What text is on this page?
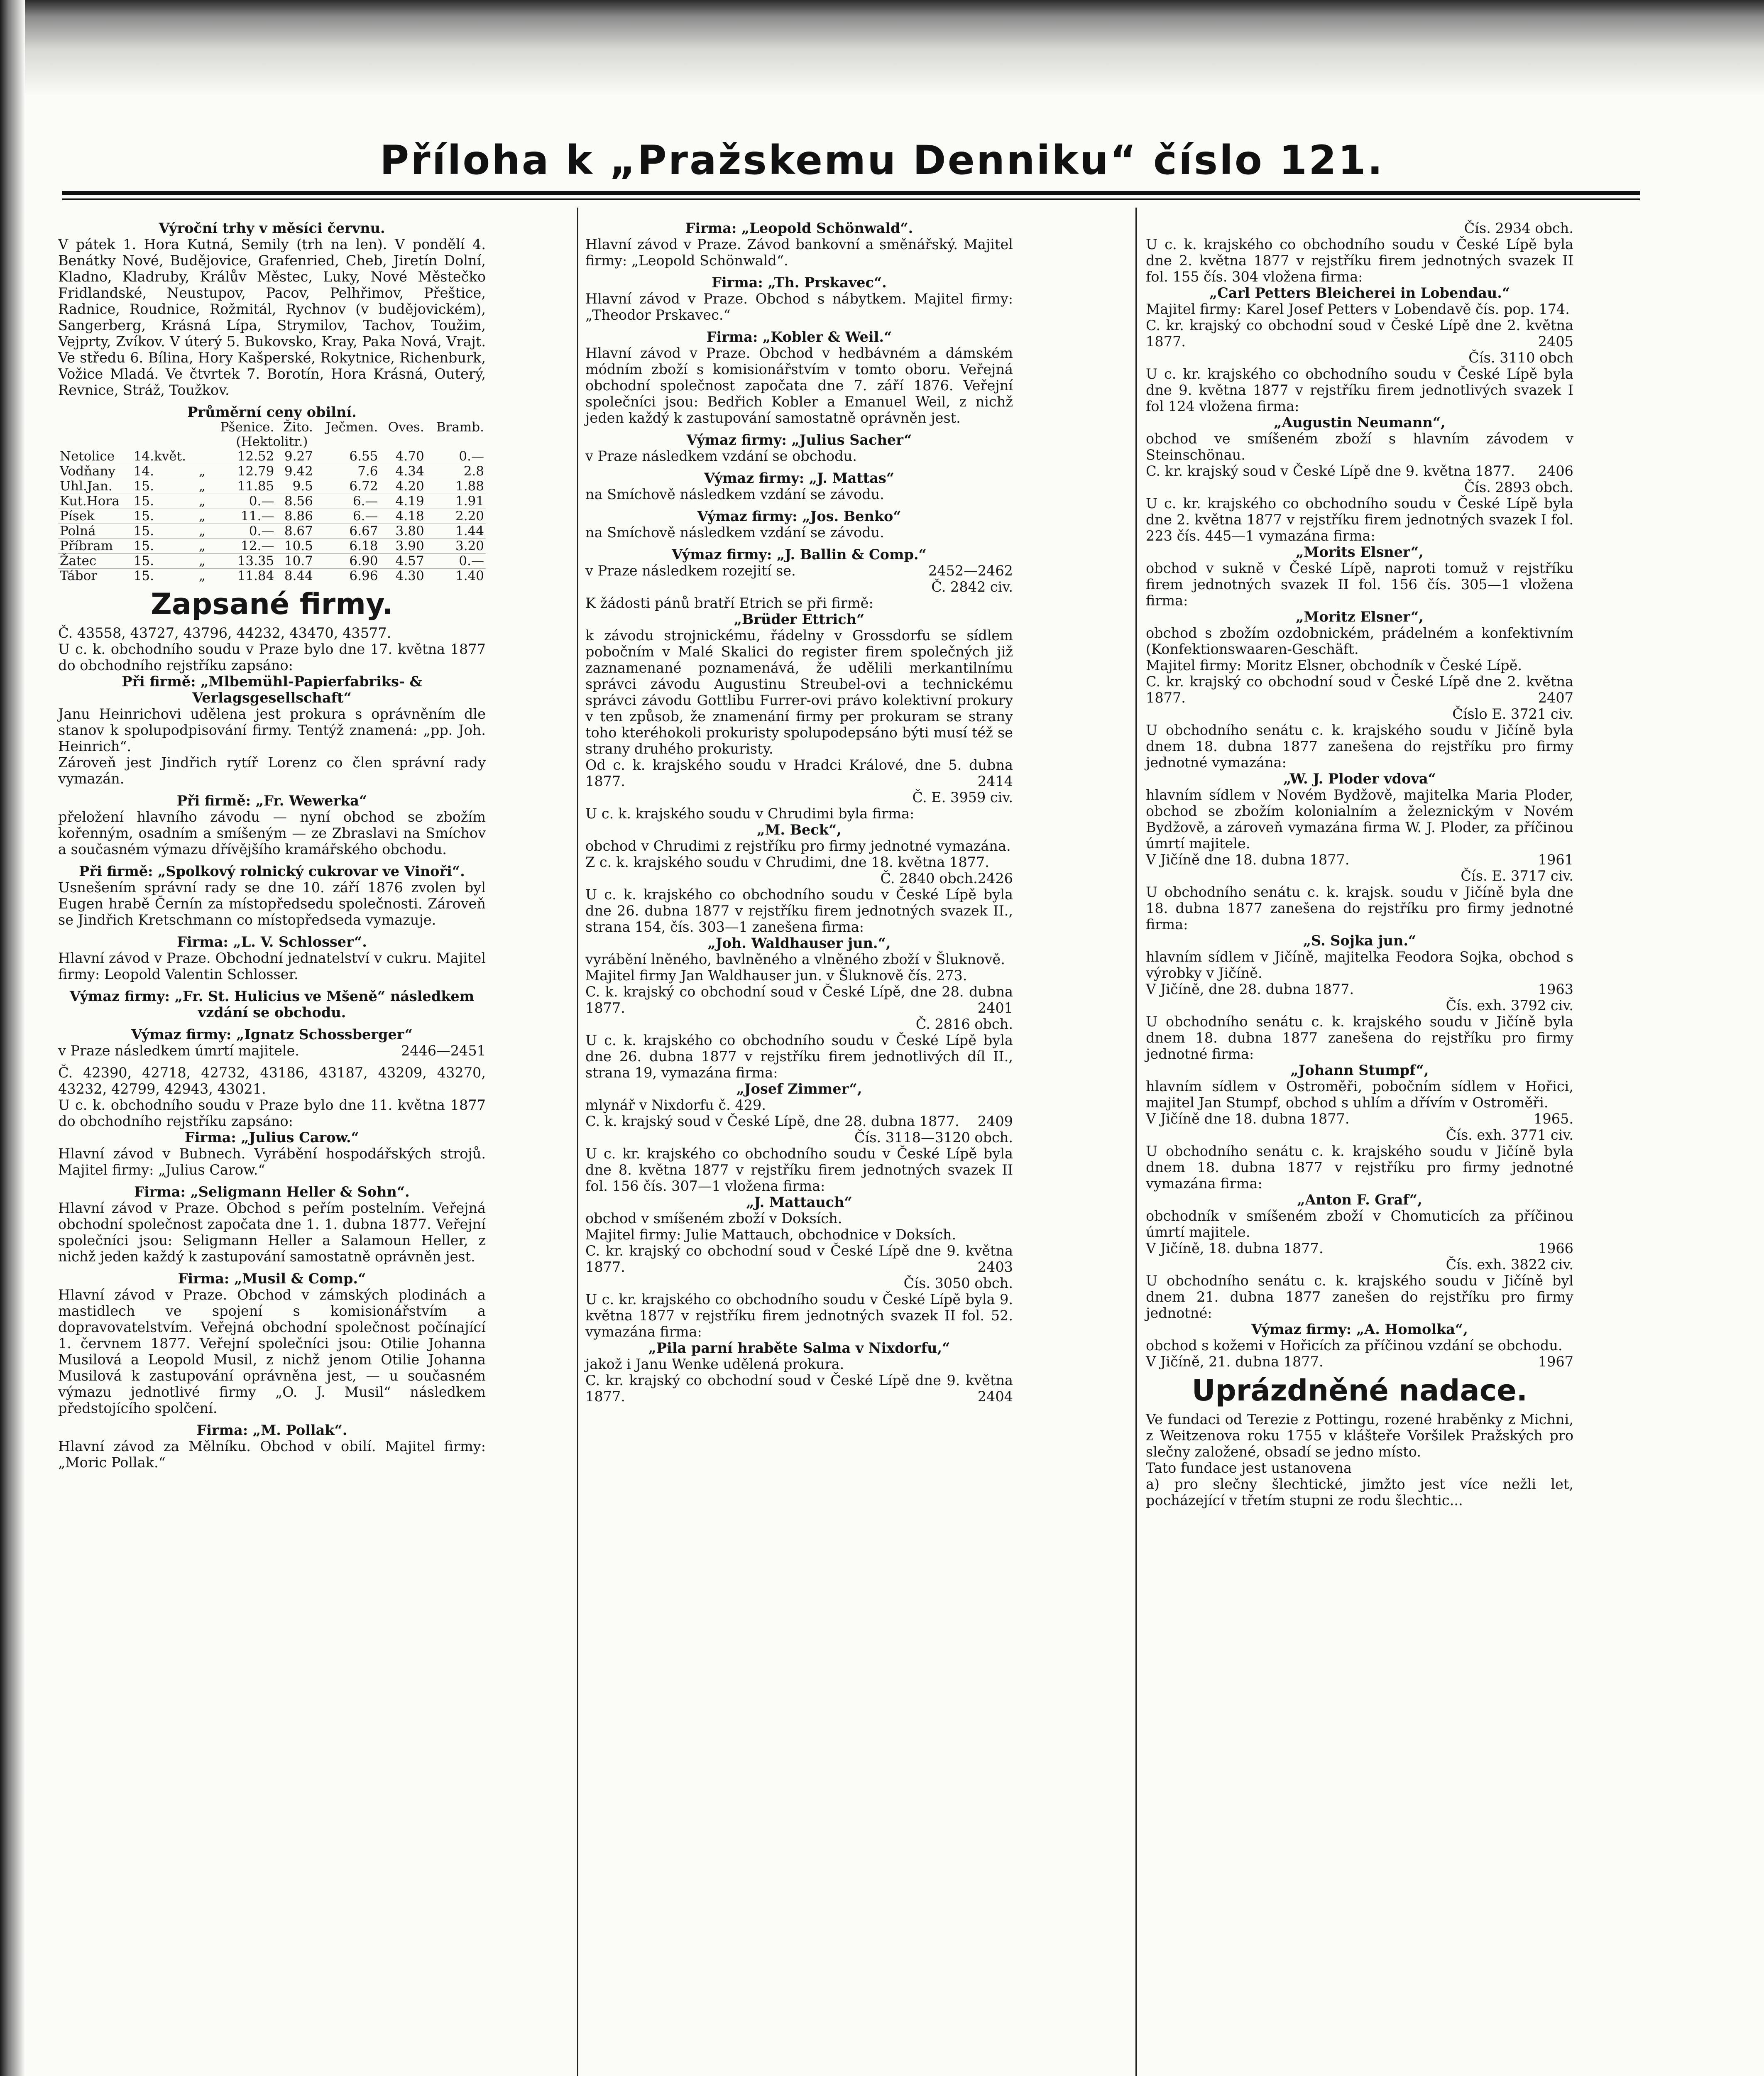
Příloha k „Pražskemu Denniku“ číslo 121.

Výroční trhy v měsíci červnu.

V pátek 1. Hora Kutná, Semily (trh na len). V pondělí 4. Benátky Nové, Budějovice, Grafenried, Cheb, Jiretín Dolní, Kladno, Kladruby, Králův Městec, Luky, Nové Městečko Fridlandské, Neustupov, Pacov, Pelhřimov, Přeštice, Radnice, Roudnice, Rožmitál, Rychnov (v budějovickém), Sangerberg, Krásná Lípa, Strymilov, Tachov, Toužim, Vejprty, Zvíkov. V úterý 5. Bukovsko, Kray, Paka Nová, Vrajt. Ve středu 6. Bílina, Hory Kašperské, Rokytnice, Richenburk, Vožice Mladá. Ve čtvrtek 7. Borotín, Hora Krásná, Outerý, Revnice, Stráž, Toužkov.

Průměrní ceny obilní.

			Pšenice.	Žito.	Ječmen.	Oves.	Bramb.
(Hektolitr.)							
Netolice	14.květ.		12.52	9.27	6.55	4.70	0.—
Vodňany	14.	„	12.79	9.42	7.6	4.34	2.8
Uhl.Jan.	15.	„	11.85	9.5	6.72	4.20	1.88
Kut.Hora	15.	„	0.—	8.56	6.—	4.19	1.91
Písek	15.	„	11.—	8.86	6.—	4.18	2.20
Polná	15.	„	0.—	8.67	6.67	3.80	1.44
Příbram	15.	„	12.—	10.5	6.18	3.90	3.20
Žatec	15.	„	13.35	10.7	6.90	4.57	0.—
Tábor	15.	„	11.84	8.44	6.96	4.30	1.40

Zapsané firmy.

Č. 43558, 43727, 43796, 44232, 43470, 43577.

U c. k. obchodního soudu v Praze bylo dne 17. května 1877 do obchodního rejstříku zapsáno:

Při firmě: „Mlbemühl-Papierfabriks- & Verlagsgesellschaft“

Janu Heinrichovi udělena jest prokura s oprávněním dle stanov k spolupodpisování firmy. Tentýž znamená: „pp. Joh. Heinrich“.

Zároveň jest Jindřich rytíř Lorenz co člen správní rady vymazán.

Při firmě: „Fr. Wewerka“

přeložení hlavního závodu — nyní obchod se zbožím kořenným, osadním a smíšeným — ze Zbraslavi na Smíchov a současném výmazu dřívějšího kramářského obchodu.

Při firmě: „Spolkový rolnický cukrovar ve Vinoři“.

Usnešením správní rady se dne 10. září 1876 zvolen byl Eugen hrabě Černín za místopředsedu společnosti. Zároveň se Jindřich Kretschmann co místopředseda vymazuje.

Firma: „L. V. Schlosser“.

Hlavní závod v Praze. Obchodní jednatelství v cukru. Majitel firmy: Leopold Valentin Schlosser.

Výmaz firmy: „Fr. St. Hulicius ve Mšeně“ následkem vzdání se obchodu.

Výmaz firmy: „Ignatz Schossberger“

v Praze následkem úmrtí majitele.	2446—2451

Č. 42390, 42718, 42732, 43186, 43187, 43209, 43270, 43232, 42799, 42943, 43021.

U c. k. obchodního soudu v Praze bylo dne 11. května 1877 do obchodního rejstříku zapsáno:

Firma: „Julius Carow.“

Hlavní závod v Bubnech. Vyrábění hospodářských strojů. Majitel firmy: „Julius Carow.“

Firma: „Seligmann Heller & Sohn“.

Hlavní závod v Praze. Obchod s peřím postelním. Veřejná obchodní společnost započata dne 1. 1. dubna 1877. Veřejní společníci jsou: Seligmann Heller a Salamoun Heller, z nichž jeden každý k zastupování samostatně oprávněn jest.

Firma: „Musil & Comp.“

Hlavní závod v Praze. Obchod v zámských plodinách a mastidlech ve spojení s komisionářstvím a dopravovatelstvím. Veřejná obchodní společnost počínající 1. červnem 1877. Veřejní společníci jsou: Otilie Johanna Musilová a Leopold Musil, z nichž jenom Otilie Johanna Musilová k zastupování oprávněna jest, — u současném výmazu jednotlivé firmy „O. J. Musil“ následkem předstojícího spolčení.

Firma: „M. Pollak“.

Hlavní závod za Mělníku. Obchod v obilí. Majitel firmy: „Moric Pollak.“

Firma: „Leopold Schönwald“.

Hlavní závod v Praze. Závod bankovní a směnářský. Majitel firmy: „Leopold Schönwald“.

Firma: „Th. Prskavec“.

Hlavní závod v Praze. Obchod s nábytkem. Majitel firmy: „Theodor Prskavec.“

Firma: „Kobler & Weil.“

Hlavní závod v Praze. Obchod v hedbávném a dámském módním zboží s komisionářstvím v tomto oboru. Veřejná obchodní společnost započata dne 7. září 1876. Veřejní společníci jsou: Bedřich Kobler a Emanuel Weil, z nichž jeden každý k zastupování samostatně oprávněn jest.

Výmaz firmy: „Julius Sacher“

v Praze následkem vzdání se obchodu.

Výmaz firmy: „J. Mattas“

na Smíchově následkem vzdání se závodu.

Výmaz firmy: „Jos. Benko“

na Smíchově následkem vzdání se závodu.

Výmaz firmy: „J. Ballin & Comp.“

v Praze následkem rozejití se.	2452—2462

Č. 2842 civ.

K žádosti pánů bratří Etrich se při firmě:

„Brüder Ettrich“

k závodu strojnickému, řádelny v Grossdorfu se sídlem pobočním v Malé Skalici do register firem společných již zaznamenané poznamenává, že udělili merkantilnímu správci závodu Augustinu Streubel-ovi a technickému správci závodu Gottlibu Furrer-ovi právo kolektivní prokury v ten způsob, že znamenání firmy per prokuram se strany toho kteréhokoli prokuristy spolupodepsáno býti musí též se strany druhého prokuristy.

Od c. k. krajského soudu v Hradci Králové, dne 5. dubna 1877.	2414

Č. E. 3959 civ.

U c. k. krajského soudu v Chrudimi byla firma:

„M. Beck“,

obchod v Chrudimi z rejstříku pro firmy jednotné vymazána.

Z c. k. krajského soudu v Chrudimi, dne 18. května 1877.
2426

Č. 2840 obch.

U c. k. krajského co obchodního soudu v České Lípě byla dne 26. dubna 1877 v rejstříku firem jednotných svazek II., strana 154, čís. 303—1 zanešena firma:

„Joh. Waldhauser jun.“,

vyrábění lněného, bavlněného a vlněného zboží v Šluknově.

Majitel firmy Jan Waldhauser jun. v Šluknově čís. 273.

C. k. krajský co obchodní soud v České Lípě, dne 28. dubna 1877.	2401

Č. 2816 obch.

U c. k. krajského co obchodního soudu v České Lípě byla dne 26. dubna 1877 v rejstříku firem jednotlivých díl II., strana 19, vymazána firma:

„Josef Zimmer“,

mlynář v Nixdorfu č. 429.

C. k. krajský soud v České Lípě, dne 28. dubna 1877. 2409

Čís. 3118—3120 obch.

U c. kr. krajského co obchodního soudu v České Lípě byla dne 8. května 1877 v rejstříku firem jednotných svazek II fol. 156 čís. 307—1 vložena firma:

„J. Mattauch“

obchod v smíšeném zboží v Doksích.

Majitel firmy: Julie Mattauch, obchodnice v Doksích.

C. kr. krajský co obchodní soud v České Lípě dne 9. května 1877.	2403

Čís. 3050 obch.

U c. kr. krajského co obchodního soudu v České Lípě byla 9. května 1877 v rejstříku firem jednotných svazek II fol. 52. vymazána firma:

„Pila parní hraběte Salma v Nixdorfu,“

jakož i Janu Wenke udělená prokura.

C. kr. krajský co obchodní soud v České Lípě dne 9. května 1877.	2404

Čís. 2934 obch.

U c. k. krajského co obchodního soudu v České Lípě byla dne 2. května 1877 v rejstříku firem jednotných svazek II fol. 155 čís. 304 vložena firma:

„Carl Petters Bleicherei in Lobendau.“

Majitel firmy: Karel Josef Petters v Lobendavě čís. pop. 174.

C. kr. krajský co obchodní soud v České Lípě dne 2. května 1877.	2405

Čís. 3110 obch

U c. kr. krajského co obchodního soudu v České Lípě byla dne 9. května 1877 v rejstříku firem jednotlivých svazek I fol 124 vložena firma:

„Augustin Neumann“,

obchod ve smíšeném zboží s hlavním závodem v Steinschönau.

C. kr. krajský soud v České Lípě dne 9. května 1877. 2406

Čís. 2893 obch.

U c. kr. krajského co obchodního soudu v České Lípě byla dne 2. května 1877 v rejstříku firem jednotných svazek I fol. 223 čís. 445—1 vymazána firma:

„Morits Elsner“,

obchod v sukně v České Lípě, naproti tomuž v rejstříku firem jednotných svazek II fol. 156 čís. 305—1 vložena firma:

„Moritz Elsner“,

obchod s zbožím ozdobnickém, prádelném a konfektivním (Konfektionswaaren-Geschäft.

Majitel firmy: Moritz Elsner, obchodník v České Lípě.

C. kr. krajský co obchodní soud v České Lípě dne 2. května 1877.	2407

Číslo E. 3721 civ.

U obchodního senátu c. k. krajského soudu v Jičíně byla dnem 18. dubna 1877 zanešena do rejstříku pro firmy jednotné vymazána:

„W. J. Ploder vdova“

hlavním sídlem v Novém Bydžově, majitelka Maria Ploder, obchod se zbožím kolonialním a železnickým v Novém Bydžově, a zároveň vymazána firma W. J. Ploder, za příčinou úmrtí majitele.

V Jičíně dne 18. dubna 1877.	1961

Čís. E. 3717 civ.

U obchodního senátu c. k. krajsk. soudu v Jičíně byla dne 18. dubna 1877 zanešena do rejstříku pro firmy jednotné firma:

„S. Sojka jun.“

hlavním sídlem v Jičíně, majitelka Feodora Sojka, obchod s výrobky v Jičíně.

V Jičíně, dne 28. dubna 1877.	1963

Čís. exh. 3792 civ.

U obchodního senátu c. k. krajského soudu v Jičíně byla dnem 18. dubna 1877 zanešena do rejstříku pro firmy jednotné firma:

„Johann Stumpf“,

hlavním sídlem v Ostroměři, pobočním sídlem v Hořici, majitel Jan Stumpf, obchod s uhlím a dřívím v Ostroměři.

V Jičíně dne 18. dubna 1877.	1965.

Čís. exh. 3771 civ.

U obchodního senátu c. k. krajského soudu v Jičíně byla dnem 18. dubna 1877 v rejstříku pro firmy jednotné vymazána firma:

„Anton F. Graf“,

obchodník v smíšeném zboží v Chomuticích za příčinou úmrtí majitele.

V Jičíně, 18. dubna 1877.	1966

Čís. exh. 3822 civ.

U obchodního senátu c. k. krajského soudu v Jičíně byl dnem 21. dubna 1877 zanešen do rejstříku pro firmy jednotné:

Výmaz firmy: „A. Homolka“,

obchod s kožemi v Hořicích za příčinou vzdání se obchodu.

V Jičíně, 21. dubna 1877.	1967

Uprázdněné nadace.

Ve fundaci od Terezie z Pottingu, rozené hraběnky z Michni, z Weitzenova roku 1755 v klášteře Voršilek Pražských pro slečny založené, obsadí se jedno místo.

Tato fundace jest ustanovena

a) pro slečny šlechtické, jimžto jest více nežli let, pocházející v třetím stupni ze rodu šlechtic...
